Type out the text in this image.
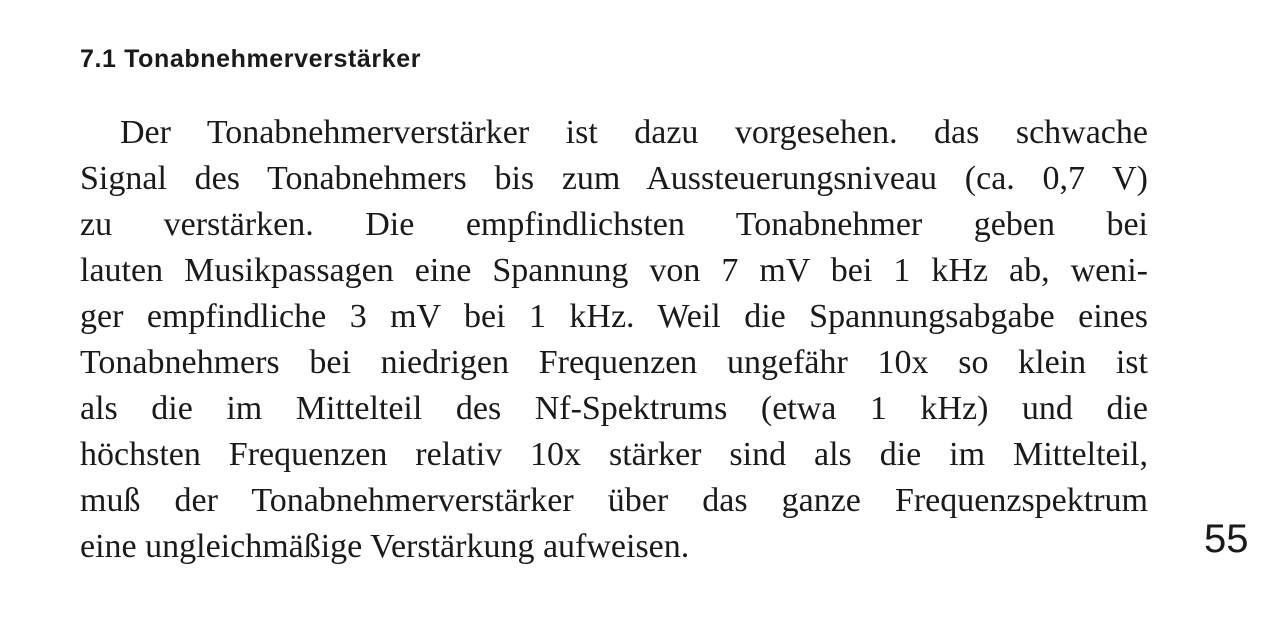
7.1 Tonabnehmerverstärker
Der Tonabnehmerverstärker ist dazu vorgesehen. das schwache
Signal des Tonabnehmers bis zum Aussteuerungsniveau (ca. 0,7 V)
zu verstärken. Die empfindlichsten Tonabnehmer geben bei
lauten Musikpassagen eine Spannung von 7 mV bei 1 kHz ab, weni-
ger empfindliche 3 mV bei 1 kHz. Weil die Spannungsabgabe eines
Tonabnehmers bei niedrigen Frequenzen ungefähr 10x so klein ist
als die im Mittelteil des Nf-Spektrums (etwa 1 kHz) und die
höchsten Frequenzen relativ 10x stärker sind als die im Mittelteil,
muß der Tonabnehmerverstärker über das ganze Frequenzspektrum
eine ungleichmäßige Verstärkung aufweisen.	55
